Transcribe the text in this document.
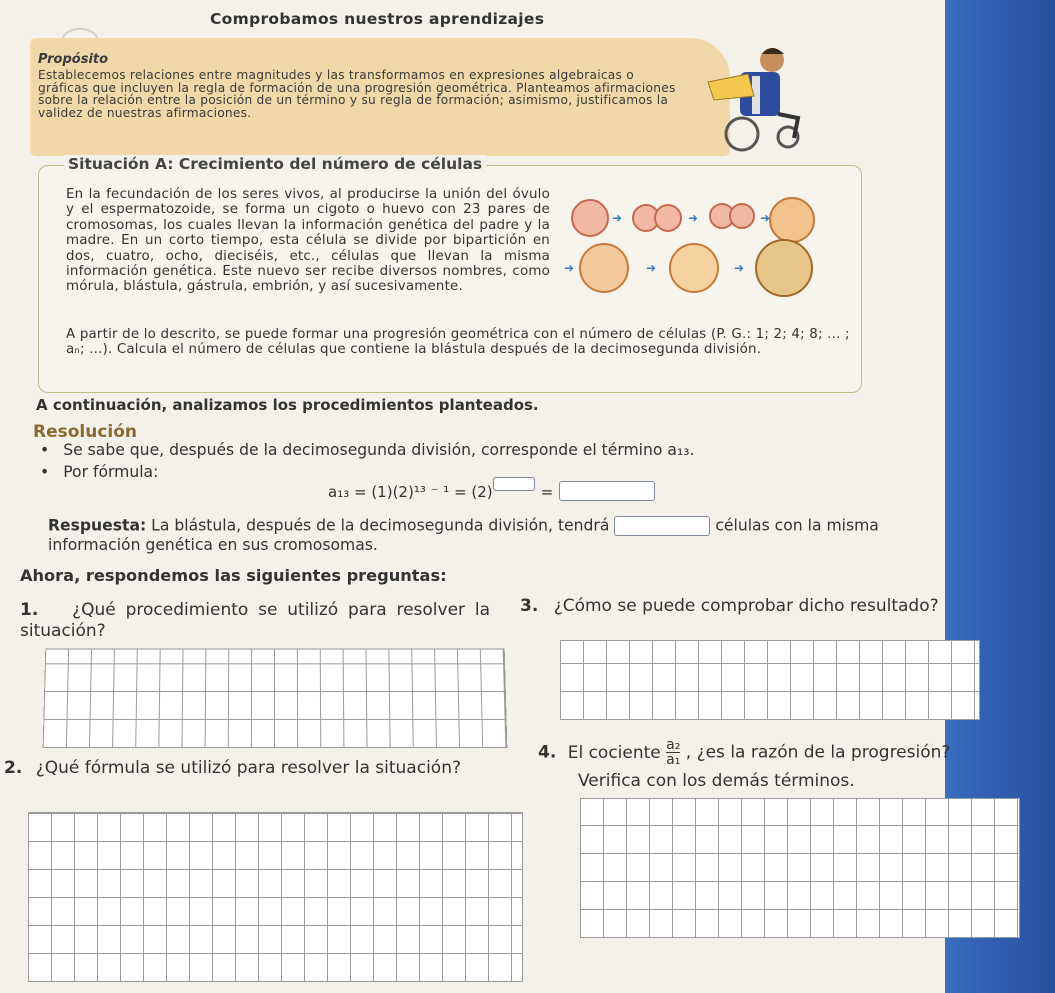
Comprobamos nuestros aprendizajes
Propósito

Establecemos relaciones entre magnitudes y las transformamos en expresiones algebraicas o gráficas que incluyen la regla de formación de una progresión geométrica. Planteamos afirmaciones sobre la relación entre la posición de un término y su regla de formación; asimismo, justificamos la validez de nuestras afirmaciones.

Situación A: Crecimiento del número de células
En la fecundación de los seres vivos, al producirse la unión del óvulo y el espermatozoide, se forma un cigoto o huevo con 23 pares de cromosomas, los cuales llevan la información genética del padre y la madre. En un corto tiempo, esta célula se divide por bipartición en dos, cuatro, ocho, dieciséis, etc., células que llevan la misma información genética. Este nuevo ser recibe diversos nombres, como mórula, blástula, gástrula, embrión, y así sucesivamente.
➜	➜	➜
➜	➜	➜
A partir de lo descrito, se puede formar una progresión geométrica con el número de células (P. G.: 1; 2; 4; 8; ... ; aₙ; ...). Calcula el número de células que contiene la blástula después de la decimosegunda división.
A continuación, analizamos los procedimientos planteados.
Resolución
• Se sabe que, después de la decimosegunda división, corresponde el término a₁₃.
• Por fórmula:
a₁₃ = (1)(2)¹³ ⁻ ¹ = (2)	=
Respuesta: La blástula, después de la decimosegunda división, tendrá	células con la misma información genética en sus cromosomas.
Ahora, respondemos las siguientes preguntas:
1. ¿Qué procedimiento se utilizó para resolver la situación?
2. ¿Qué fórmula se utilizó para resolver la situación?
3. ¿Cómo se puede comprobar dicho resultado?
4. El cociente $\frac{\text{a₂}}{\text{a₁}}$ , ¿es la razón de la progresión?
Verifica con los demás términos.
